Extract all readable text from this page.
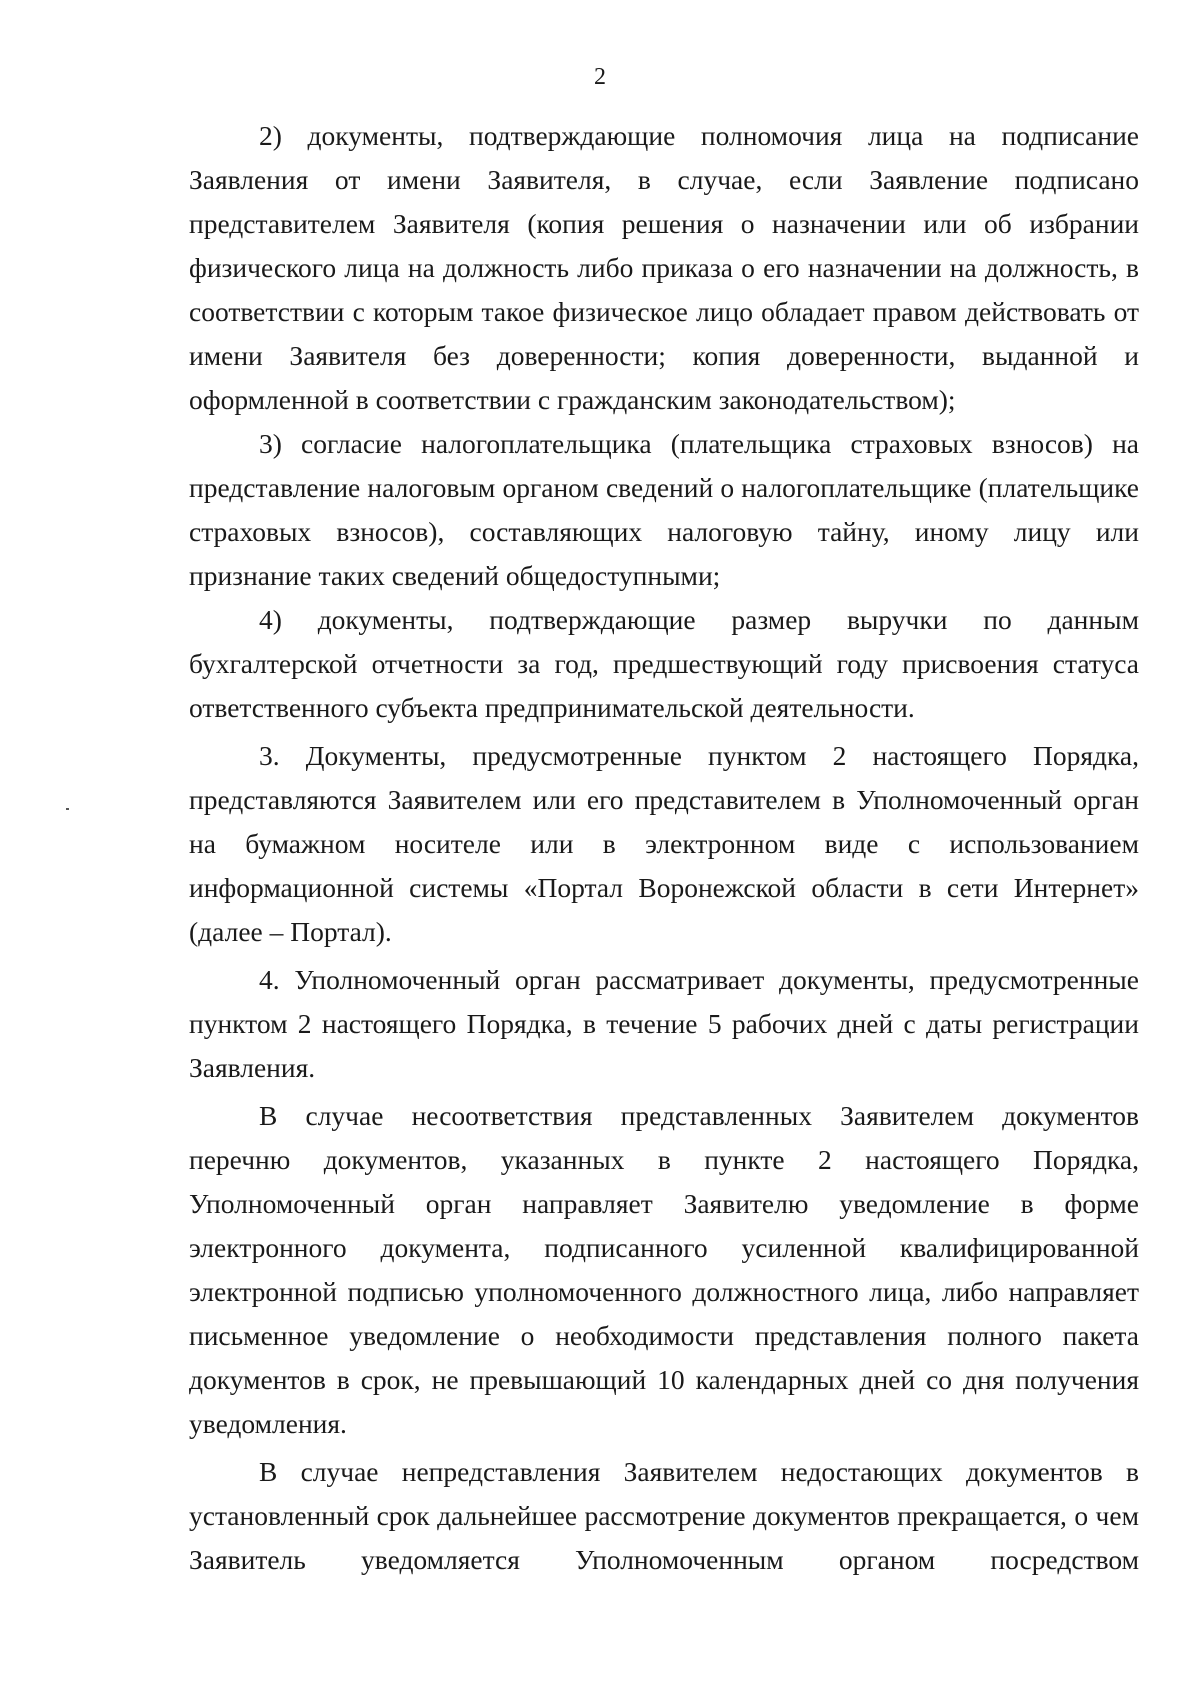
2

2) документы, подтверждающие полномочия лица на подписание Заявления от имени Заявителя, в случае, если Заявление подписано представителем Заявителя (копия решения о назначении или об избрании физического лица на должность либо приказа о его назначении на должность, в соответствии с которым такое физическое лицо обладает правом действовать от имени Заявителя без доверенности; копия доверенности, выданной и оформленной в соответствии с гражданским законодательством);

3) согласие налогоплательщика (плательщика страховых взносов) на представление налоговым органом сведений о налогоплательщике (плательщике страховых взносов), составляющих налоговую тайну, иному лицу или признание таких сведений общедоступными;

4) документы, подтверждающие размер выручки по данным бухгалтерской отчетности за год, предшествующий году присвоения статуса ответственного субъекта предпринимательской деятельности.

3. Документы, предусмотренные пунктом 2 настоящего Порядка, представляются Заявителем или его представителем в Уполномоченный орган на бумажном носителе или в электронном виде с использованием информационной системы «Портал Воронежской области в сети Интернет» (далее – Портал).

4. Уполномоченный орган рассматривает документы, предусмотренные пунктом 2 настоящего Порядка, в течение 5 рабочих дней с даты регистрации Заявления.

В случае несоответствия представленных Заявителем документов перечню документов, указанных в пункте 2 настоящего Порядка, Уполномоченный орган направляет Заявителю уведомление в форме электронного документа, подписанного усиленной квалифицированной электронной подписью уполномоченного должностного лица, либо направляет письменное уведомление о необходимости представления полного пакета документов в срок, не превышающий 10 календарных дней со дня получения уведомления.

В случае непредставления Заявителем недостающих документов в установленный срок дальнейшее рассмотрение документов прекращается, о чем Заявитель уведомляется Уполномоченным органом посредством
